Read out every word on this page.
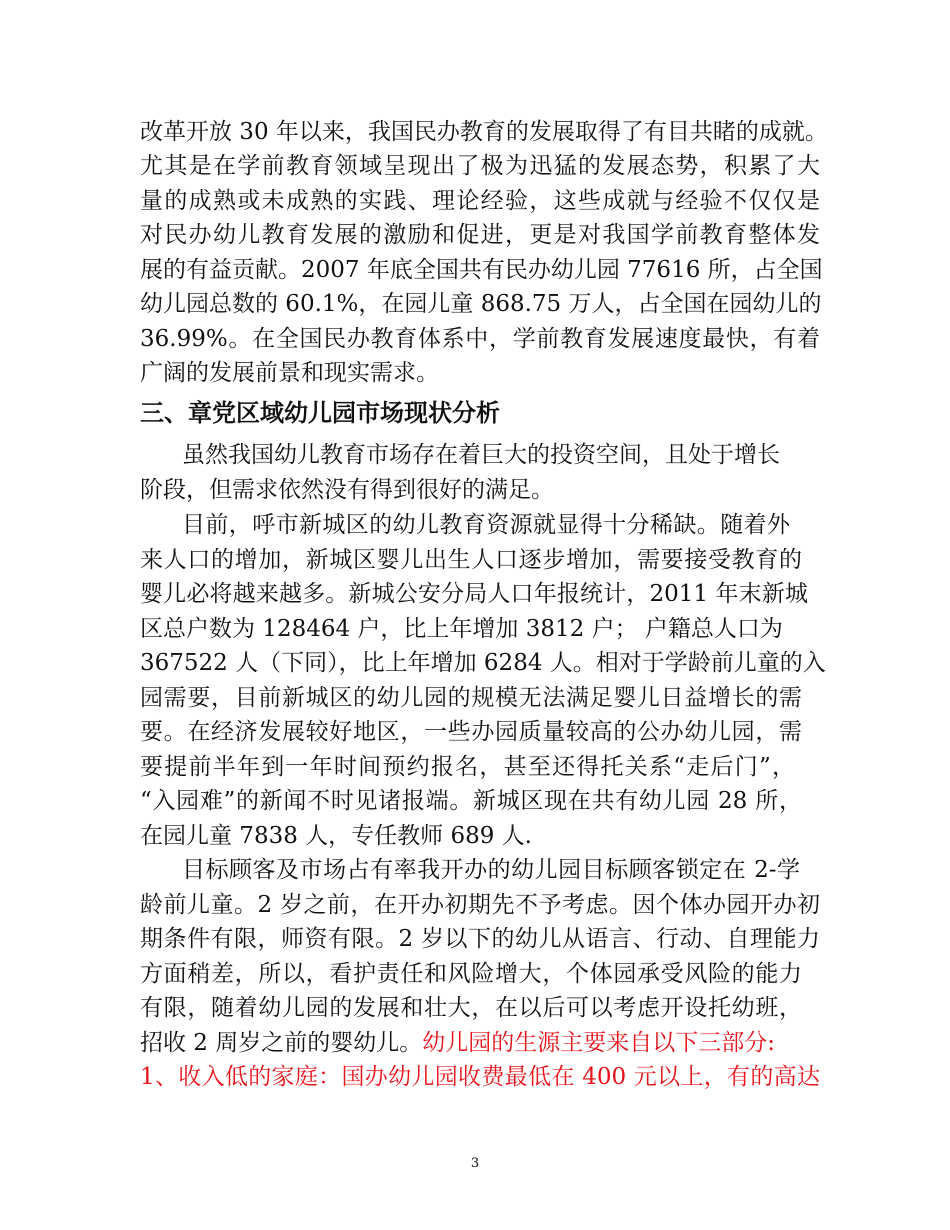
改革开放 30 年以来，我国民办教育的发展取得了有目共睹的成就。
尤其是在学前教育领域呈现出了极为迅猛的发展态势，积累了大
量的成熟或未成熟的实践、理论经验，这些成就与经验不仅仅是
对民办幼儿教育发展的激励和促进，更是对我国学前教育整体发
展的有益贡献。2007 年底全国共有民办幼儿园 77616 所，占全国
幼儿园总数的 60.1%，在园儿童 868.75 万人，占全国在园幼儿的
36.99%。在全国民办教育体系中，学前教育发展速度最快，有着
广阔的发展前景和现实需求。
三、章党区域幼儿园市场现状分析
虽然我国幼儿教育市场存在着巨大的投资空间，且处于增长
阶段，但需求依然没有得到很好的满足。
目前，呼市新城区的幼儿教育资源就显得十分稀缺。随着外
来人口的增加，新城区婴儿出生人口逐步增加，需要接受教育的
婴儿必将越来越多。新城公安分局人口年报统计，2011 年末新城
区总户数为 128464 户，比上年增加 3812 户； 户籍总人口为
367522 人（下同），比上年增加 6284 人。相对于学龄前儿童的入
园需要，目前新城区的幼儿园的规模无法满足婴儿日益增长的需
要。在经济发展较好地区，一些办园质量较高的公办幼儿园，需
要提前半年到一年时间预约报名，甚至还得托关系“走后门”，
“入园难”的新闻不时见诸报端。新城区现在共有幼儿园 28 所，
在园儿童 7838 人，专任教师 689 人.
目标顾客及市场占有率我开办的幼儿园目标顾客锁定在 2-学
龄前儿童。2 岁之前，在开办初期先不予考虑。因个体办园开办初
期条件有限，师资有限。2 岁以下的幼儿从语言、行动、自理能力
方面稍差，所以，看护责任和风险增大，个体园承受风险的能力
有限，随着幼儿园的发展和壮大，在以后可以考虑开设托幼班，
招收 2 周岁之前的婴幼儿。幼儿园的生源主要来自以下三部分:
1、收入低的家庭：国办幼儿园收费最低在 400 元以上，有的高达
3
